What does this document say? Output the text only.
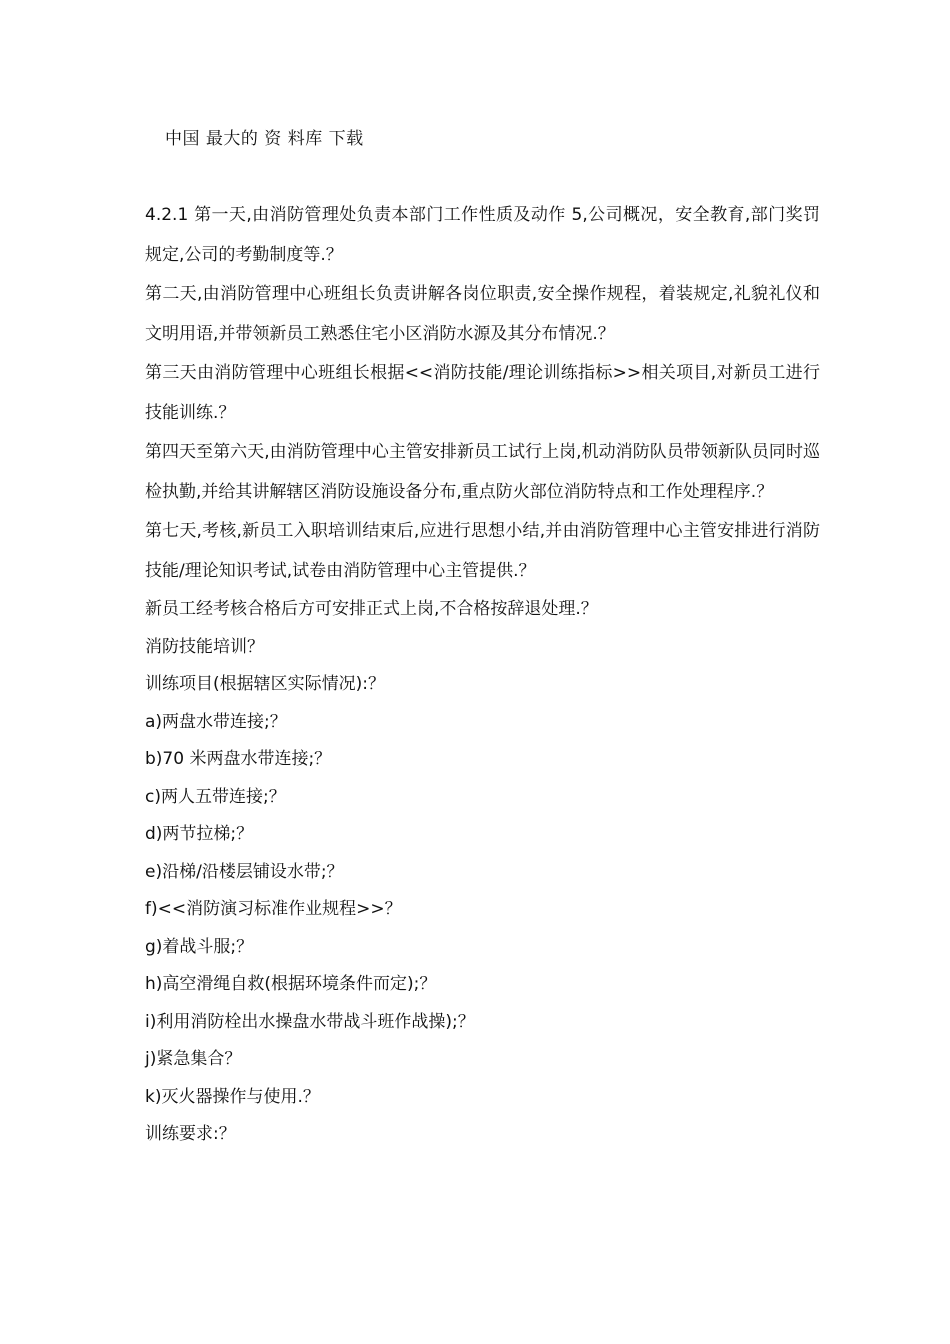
中国 最大的 资 料库 下载

4.2.1 第一天,由消防管理处负责本部门工作性质及动作 5,公司概况，安全教育,部门奖罚规定,公司的考勤制度等.？

第二天,由消防管理中心班组长负责讲解各岗位职责,安全操作规程，着装规定,礼貌礼仪和文明用语,并带领新员工熟悉住宅小区消防水源及其分布情况.？

第三天由消防管理中心班组长根据<<消防技能/理论训练指标>>相关项目,对新员工进行技能训练.？

第四天至第六天,由消防管理中心主管安排新员工试行上岗,机动消防队员带领新队员同时巡检执勤,并给其讲解辖区消防设施设备分布,重点防火部位消防特点和工作处理程序.？

第七天,考核,新员工入职培训结束后,应进行思想小结,并由消防管理中心主管安排进行消防技能/理论知识考试,试卷由消防管理中心主管提供.？

新员工经考核合格后方可安排正式上岗,不合格按辞退处理.？

消防技能培训？

训练项目(根据辖区实际情况):？

a)两盘水带连接;？

b)70 米两盘水带连接;？

c)两人五带连接;？

d)两节拉梯;？

e)沿梯/沿楼层铺设水带;？

f)<<消防演习标准作业规程>>？

g)着战斗服;？

h)高空滑绳自救(根据环境条件而定);？

i)利用消防栓出水操盘水带战斗班作战操);？

j)紧急集合？

k)灭火器操作与使用.？

训练要求:？
